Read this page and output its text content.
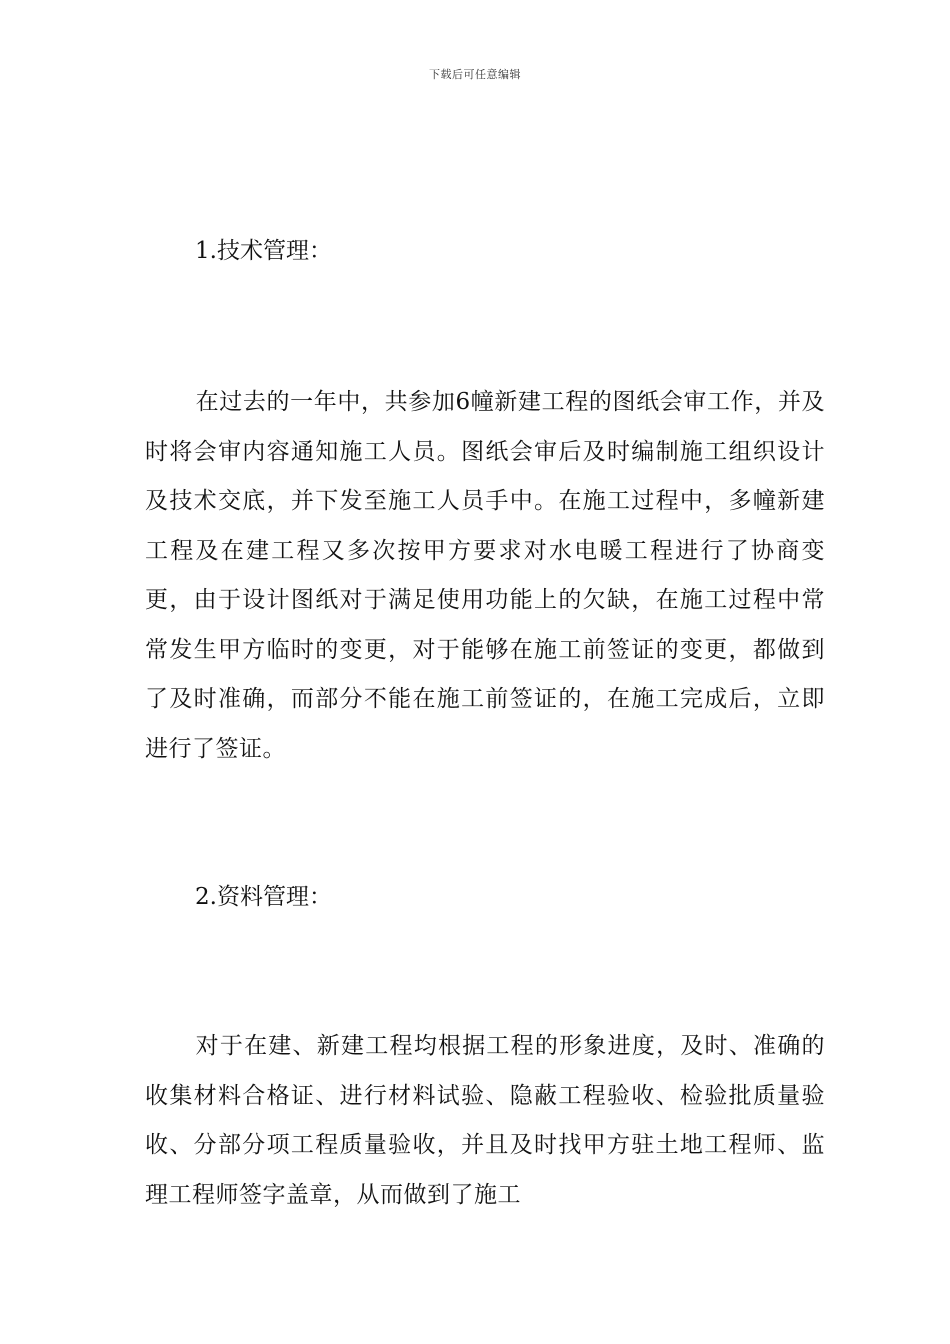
下载后可任意编辑
1.技术管理：

在过去的一年中，共参加6幢新建工程的图纸会审工作，并及时将会审内容通知施工人员。图纸会审后及时编制施工组织设计及技术交底，并下发至施工人员手中。在施工过程中，多幢新建工程及在建工程又多次按甲方要求对水电暖工程进行了协商变更，由于设计图纸对于满足使用功能上的欠缺，在施工过程中常常发生甲方临时的变更，对于能够在施工前签证的变更，都做到了及时准确，而部分不能在施工前签证的，在施工完成后，立即进行了签证。

2.资料管理：

对于在建、新建工程均根据工程的形象进度，及时、准确的收集材料合格证、进行材料试验、隐蔽工程验收、检验批质量验收、分部分项工程质量验收，并且及时找甲方驻土地工程师、监理工程师签字盖章，从而做到了施工
